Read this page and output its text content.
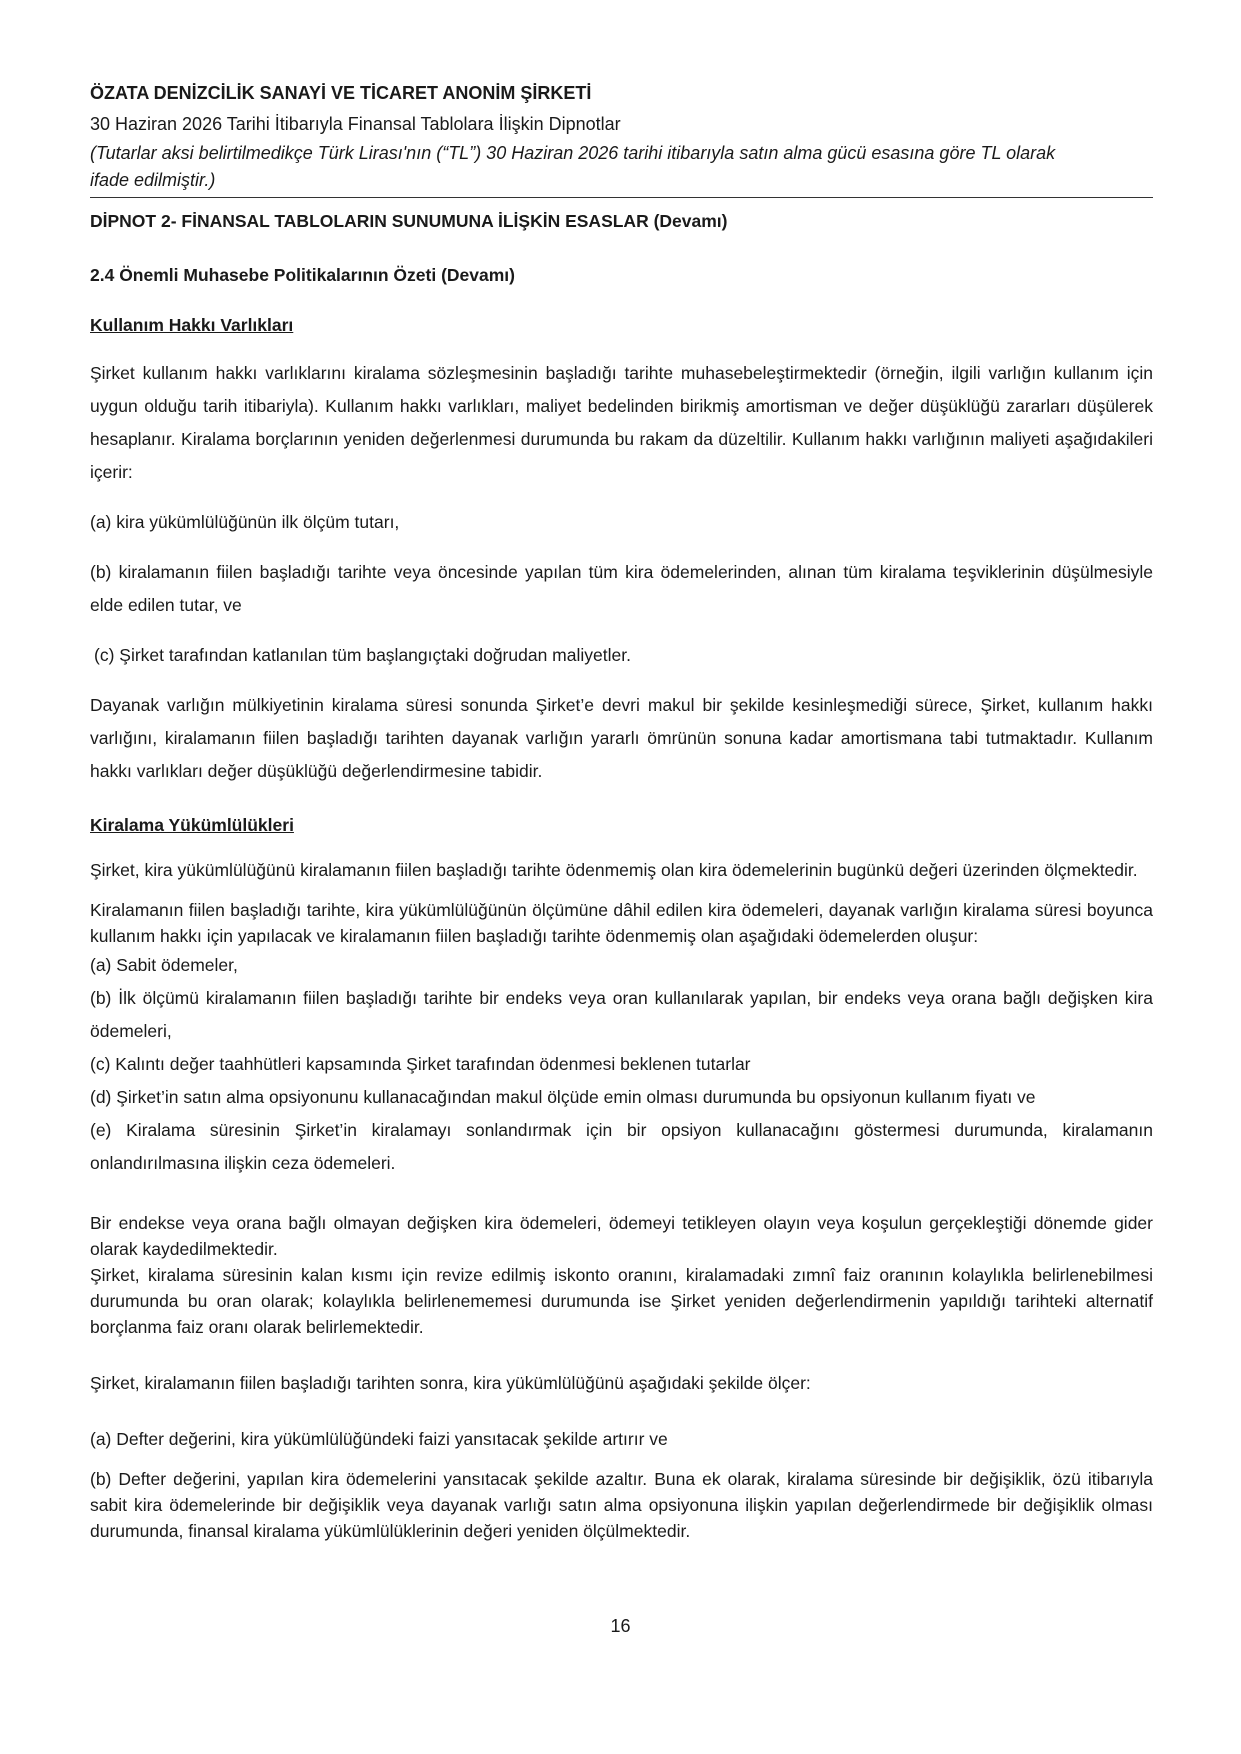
ÖZATA DENİZCİLİK SANAYİ VE TİCARET ANONİM ŞİRKETİ
30 Haziran 2026 Tarihi İtibarıyla Finansal Tablolara İlişkin Dipnotlar
(Tutarlar aksi belirtilmedikçe Türk Lirası'nın (“TL”) 30 Haziran 2026 tarihi itibarıyla satın alma gücü esasına göre TL olarak
ifade edilmiştir.)
DİPNOT 2- FİNANSAL TABLOLARIN SUNUMUNA İLİŞKİN ESASLAR (Devamı)
2.4 Önemli Muhasebe Politikalarının Özeti (Devamı)
Kullanım Hakkı Varlıkları

Şirket kullanım hakkı varlıklarını kiralama sözleşmesinin başladığı tarihte muhasebeleştirmektedir (örneğin, ilgili varlığın kullanım için uygun olduğu tarih itibariyla). Kullanım hakkı varlıkları, maliyet bedelinden birikmiş amortisman ve değer düşüklüğü zararları düşülerek hesaplanır. Kiralama borçlarının yeniden değerlenmesi durumunda bu rakam da düzeltilir. Kullanım hakkı varlığının maliyeti aşağıdakileri içerir:

(a) kira yükümlülüğünün ilk ölçüm tutarı,

(b) kiralamanın fiilen başladığı tarihte veya öncesinde yapılan tüm kira ödemelerinden, alınan tüm kiralama teşviklerinin düşülmesiyle elde edilen tutar, ve

(c) Şirket tarafından katlanılan tüm başlangıçtaki doğrudan maliyetler.

Dayanak varlığın mülkiyetinin kiralama süresi sonunda Şirket’e devri makul bir şekilde kesinleşmediği sürece, Şirket, kullanım hakkı varlığını, kiralamanın fiilen başladığı tarihten dayanak varlığın yararlı ömrünün sonuna kadar amortismana tabi tutmaktadır. Kullanım hakkı varlıkları değer düşüklüğü değerlendirmesine tabidir.

Kiralama Yükümlülükleri

Şirket, kira yükümlülüğünü kiralamanın fiilen başladığı tarihte ödenmemiş olan kira ödemelerinin bugünkü değeri üzerinden ölçmektedir.

Kiralamanın fiilen başladığı tarihte, kira yükümlülüğünün ölçümüne dâhil edilen kira ödemeleri, dayanak varlığın kiralama süresi boyunca kullanım hakkı için yapılacak ve kiralamanın fiilen başladığı tarihte ödenmemiş olan aşağıdaki ödemelerden oluşur:

(a) Sabit ödemeler,

(b) İlk ölçümü kiralamanın fiilen başladığı tarihte bir endeks veya oran kullanılarak yapılan, bir endeks veya orana bağlı değişken kira ödemeleri,

(c) Kalıntı değer taahhütleri kapsamında Şirket tarafından ödenmesi beklenen tutarlar

(d) Şirket’in satın alma opsiyonunu kullanacağından makul ölçüde emin olması durumunda bu opsiyonun kullanım fiyatı ve

(e) Kiralama süresinin Şirket’in kiralamayı sonlandırmak için bir opsiyon kullanacağını göstermesi durumunda, kiralamanın onlandırılmasına ilişkin ceza ödemeleri.

Bir endekse veya orana bağlı olmayan değişken kira ödemeleri, ödemeyi tetikleyen olayın veya koşulun gerçekleştiği dönemde gider olarak kaydedilmektedir.

Şirket, kiralama süresinin kalan kısmı için revize edilmiş iskonto oranını, kiralamadaki zımnî faiz oranının kolaylıkla belirlenebilmesi durumunda bu oran olarak; kolaylıkla belirlenememesi durumunda ise Şirket yeniden değerlendirmenin yapıldığı tarihteki alternatif borçlanma faiz oranı olarak belirlemektedir.

Şirket, kiralamanın fiilen başladığı tarihten sonra, kira yükümlülüğünü aşağıdaki şekilde ölçer:

(a) Defter değerini, kira yükümlülüğündeki faizi yansıtacak şekilde artırır ve

(b) Defter değerini, yapılan kira ödemelerini yansıtacak şekilde azaltır. Buna ek olarak, kiralama süresinde bir değişiklik, özü itibarıyla sabit kira ödemelerinde bir değişiklik veya dayanak varlığı satın alma opsiyonuna ilişkin yapılan değerlendirmede bir değişiklik olması durumunda, finansal kiralama yükümlülüklerinin değeri yeniden ölçülmektedir.

16
